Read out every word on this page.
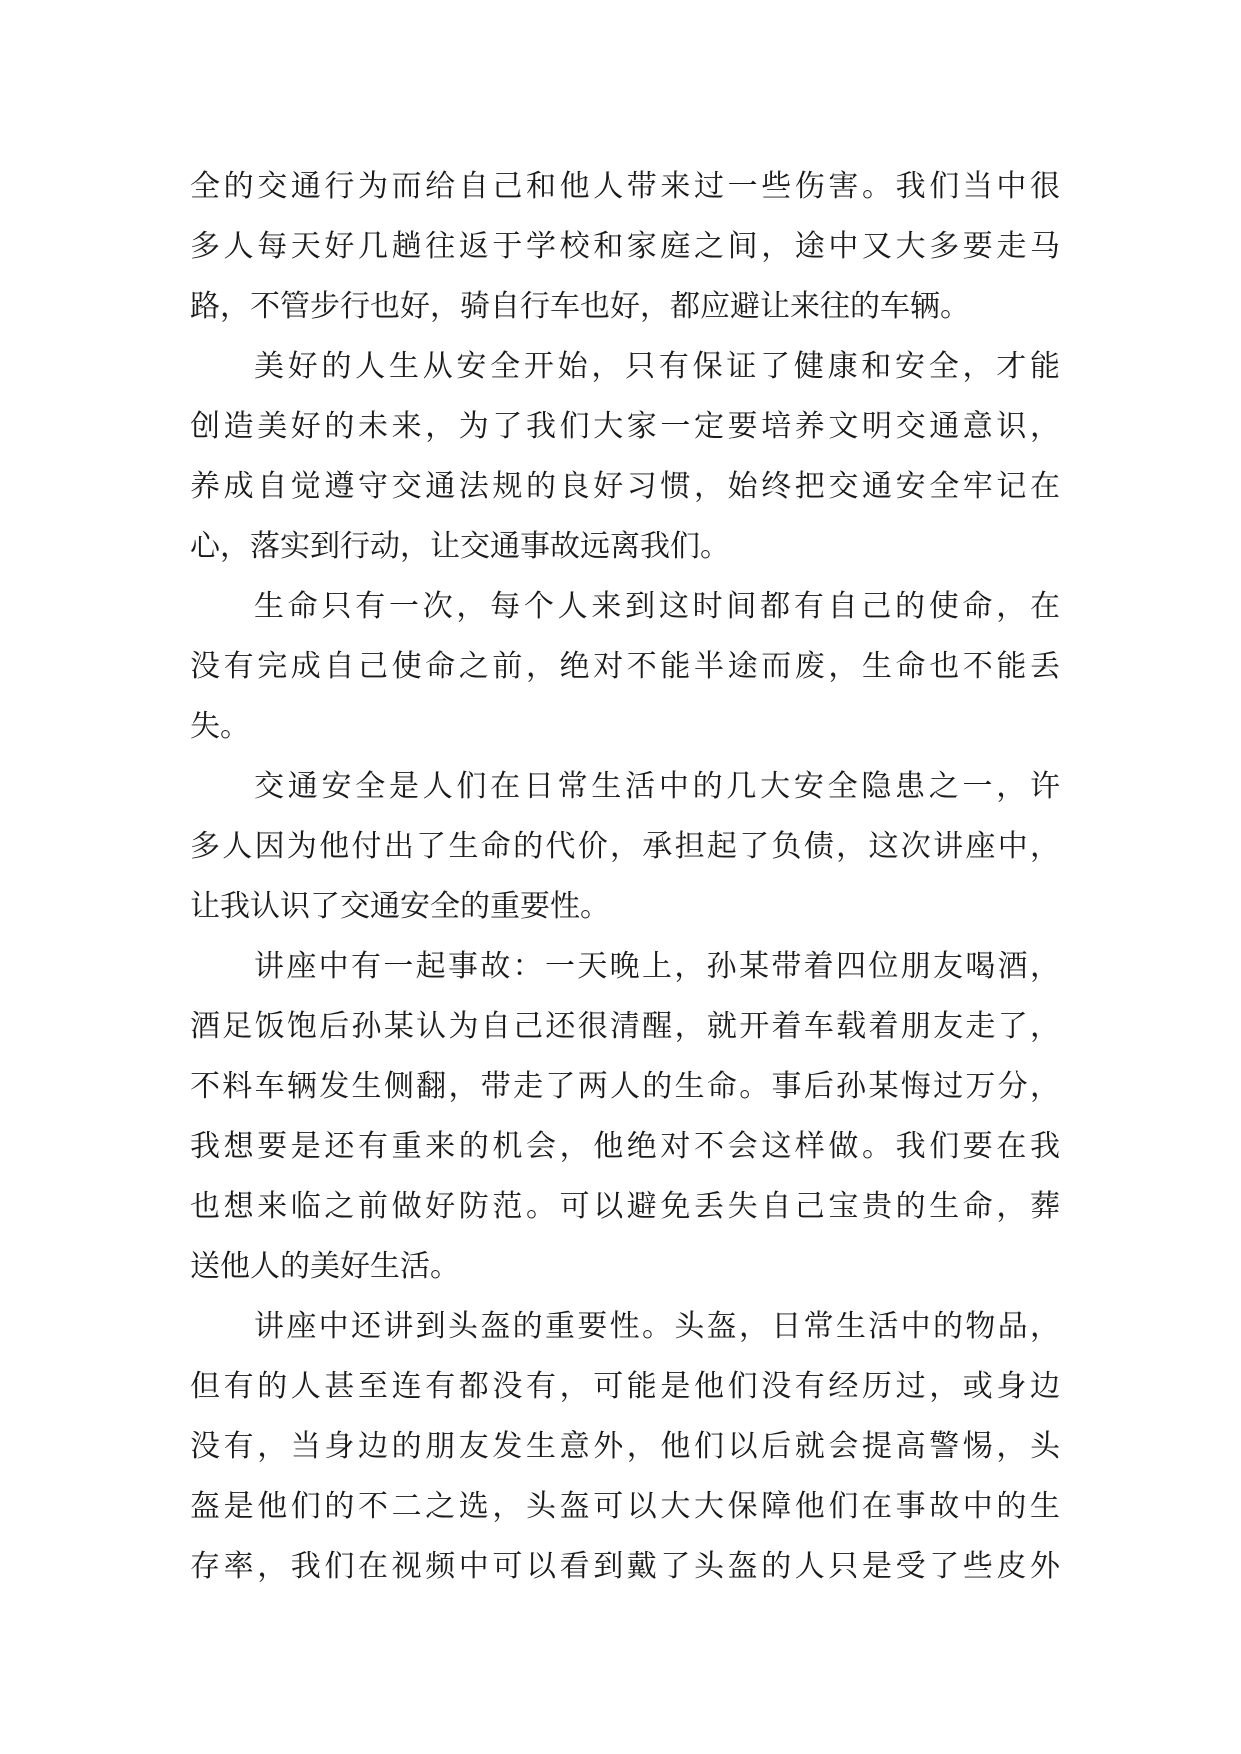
全的交通行为而给自己和他人带来过一些伤害。我们当中很
多人每天好几趟往返于学校和家庭之间，途中又大多要走马
路，不管步行也好，骑自行车也好，都应避让来往的车辆。
美好的人生从安全开始，只有保证了健康和安全，才能
创造美好的未来，为了我们大家一定要培养文明交通意识，
养成自觉遵守交通法规的良好习惯，始终把交通安全牢记在
心，落实到行动，让交通事故远离我们。
生命只有一次，每个人来到这时间都有自己的使命，在
没有完成自己使命之前，绝对不能半途而废，生命也不能丢
失。
交通安全是人们在日常生活中的几大安全隐患之一，许
多人因为他付出了生命的代价，承担起了负债，这次讲座中，
让我认识了交通安全的重要性。
讲座中有一起事故：一天晚上，孙某带着四位朋友喝酒，
酒足饭饱后孙某认为自己还很清醒，就开着车载着朋友走了，
不料车辆发生侧翻，带走了两人的生命。事后孙某悔过万分，
我想要是还有重来的机会，他绝对不会这样做。我们要在我
也想来临之前做好防范。可以避免丢失自己宝贵的生命，葬
送他人的美好生活。
讲座中还讲到头盔的重要性。头盔，日常生活中的物品，
但有的人甚至连有都没有，可能是他们没有经历过，或身边
没有，当身边的朋友发生意外，他们以后就会提高警惕，头
盔是他们的不二之选，头盔可以大大保障他们在事故中的生
存率，我们在视频中可以看到戴了头盔的人只是受了些皮外
